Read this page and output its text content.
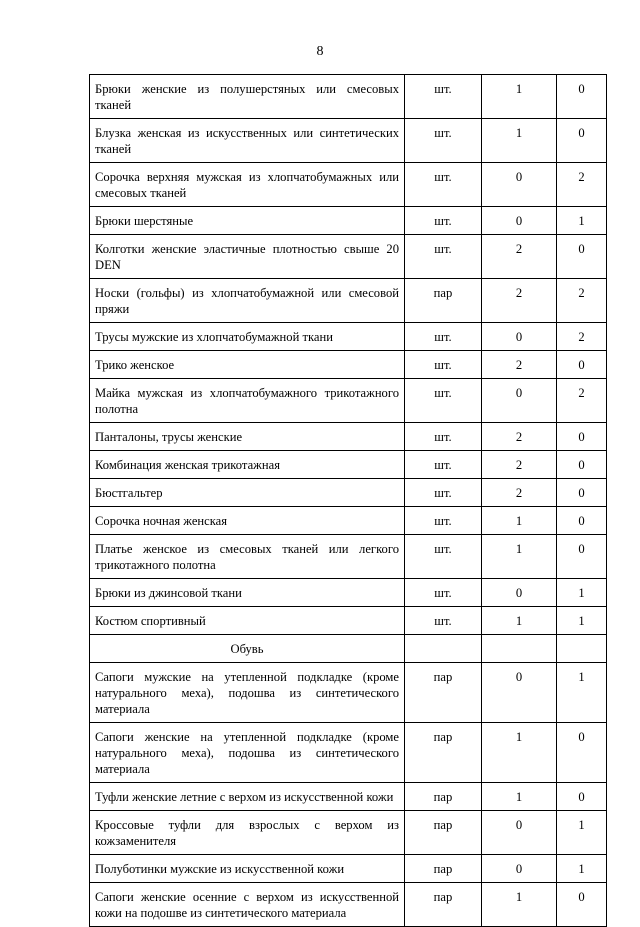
8
Брюки женские из полушерстяных или смесовых тканей	шт.	1	0
Блузка женская из искусственных или синтетических тканей	шт.	1	0
Сорочка верхняя мужская из хлопчатобумажных или смесовых тканей	шт.	0	2
Брюки шерстяные	шт.	0	1
Колготки женские эластичные плотностью свыше 20 DEN	шт.	2	0
Носки (гольфы) из хлопчатобумажной или смесовой пряжи	пар	2	2
Трусы мужские из хлопчатобумажной ткани	шт.	0	2
Трико женское	шт.	2	0
Майка мужская из хлопчатобумажного трикотажного полотна	шт.	0	2
Панталоны, трусы женские	шт.	2	0
Комбинация женская трикотажная	шт.	2	0
Бюстгальтер	шт.	2	0
Сорочка ночная женская	шт.	1	0
Платье женское из смесовых тканей или легкого трикотажного полотна	шт.	1	0
Брюки из джинсовой ткани	шт.	0	1
Костюм спортивный	шт.	1	1
Обувь			
Сапоги мужские на утепленной подкладке (кроме натурального меха), подошва из синтетического материала	пар	0	1
Сапоги женские на утепленной подкладке (кроме натурального меха), подошва из синтетического материала	пар	1	0
Туфли женские летние с верхом из искусственной кожи	пар	1	0
Кроссовые туфли для взрослых с верхом из кожзаменителя	пар	0	1
Полуботинки мужские из искусственной кожи	пар	0	1
Сапоги женские осенние с верхом из искусственной кожи на подошве из синтетического материала	пар	1	0
